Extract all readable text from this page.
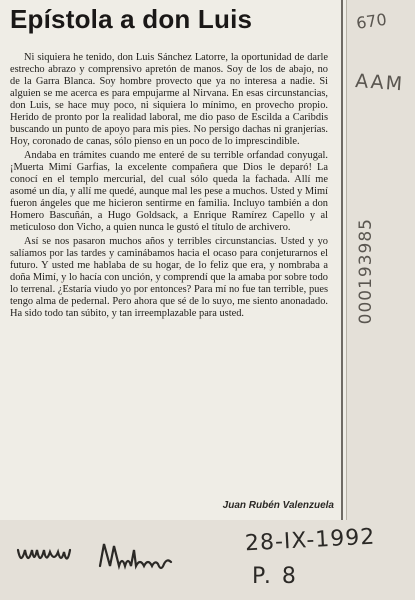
Epístola a don Luis

Ni siquiera he tenido, don Luis Sánchez Latorre, la oportunidad de darle estrecho abrazo y comprensivo apretón de manos. Soy de los de abajo, no de la Garra Blanca. Soy hombre provecto que ya no interesa a nadie. Si alguien se me acerca es para empujarme al Nirvana. En esas circunstancias, don Luis, se hace muy poco, ni siquiera lo mínimo, en provecho propio. Herido de pronto por la realidad laboral, me dio paso de Escilda a Caribdis buscando un punto de apoyo para mis pies. No persigo dachas ni granjerías. Hoy, coronado de canas, sólo pienso en un poco de lo imprescindible.

Andaba en trámites cuando me enteré de su terrible orfandad conyugal. ¡Muerta Mimí Garfias, la excelente compañera que Dios le deparó! La conocí en el templo mercurial, del cual sólo queda la fachada. Allí me asomé un día, y allí me quedé, aunque mal les pese a muchos. Usted y Mimí fueron ángeles que me hicieron sentirme en familia. Incluyo también a don Homero Bascuñán, a Hugo Goldsack, a Enrique Ramírez Capello y al meticuloso don Vicho, a quien nunca le gustó el título de archivero.

Así se nos pasaron muchos años y terribles circunstancias. Usted y yo salíamos por las tardes y caminábamos hacia el ocaso para conjeturarnos el futuro. Y usted me hablaba de su hogar, de lo feliz que era, y nombraba a doña Mimí, y lo hacía con unción, y comprendí que la amaba por sobre todo lo terrenal. ¿Estaría viudo yo por entonces? Para mí no fue tan terrible, pues tengo alma de pedernal. Pero ahora que sé de lo suyo, me siento anonadado. Ha sido todo tan súbito, y tan irreemplazable para usted.

Juan Rubén Valenzuela
670
AAM
000193985
28-IX-1992
P. 8
